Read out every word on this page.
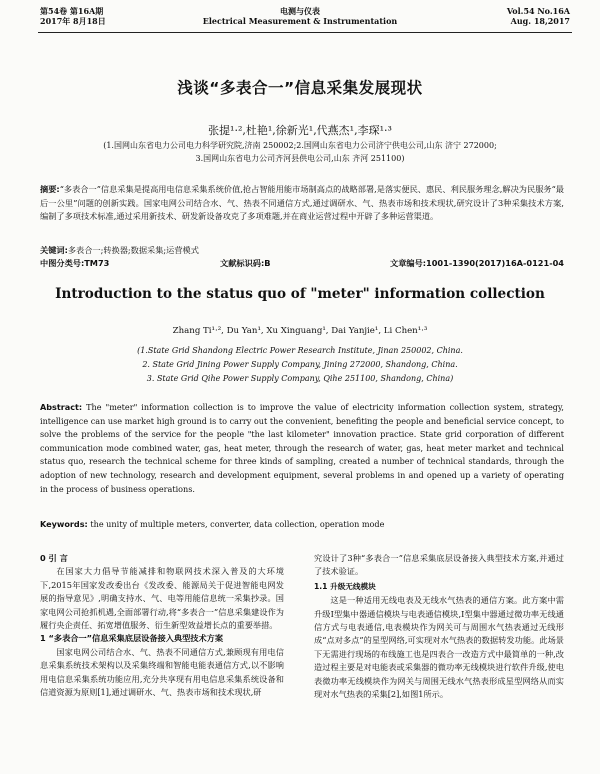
第54卷 第16A期
2017年 8月18日
电测与仪表
Electrical Measurement & Instrumentation
Vol.54 No.16A
Aug. 18,2017
浅谈“多表合一”信息采集发展现状
张提¹·²,杜艳¹,徐新光¹,代燕杰¹,李琛¹·³
(1.国网山东省电力公司电力科学研究院,济南 250002;2.国网山东省电力公司济宁供电公司,山东 济宁 272000;
3.国网山东省电力公司齐河县供电公司,山东 齐河 251100)
摘要:“多表合一”信息采集是提高用电信息采集系统价值,抢占智能用能市场制高点的战略部署,是落实便民、惠民、利民服务理念,解决为民服务“最后一公里”问题的创新实践。国家电网公司结合水、气、热表不同通信方式,通过调研水、气、热表市场和技术现状,研究设计了3种采集技术方案,编制了多项技术标准,通过采用新技术、研发新设备攻克了多项难题,并在商业运营过程中开辟了多种运营渠道。
关键词:多表合一;转换器;数据采集;运营模式
中图分类号:TM73	文献标识码:B	文章编号:1001-1390(2017)16A-0121-04
Introduction to the status quo of "meter" information collection
Zhang Ti¹·², Du Yan¹, Xu Xinguang¹, Dai Yanjie¹, Li Chen¹·³
(1.State Grid Shandong Electric Power Research Institute, Jinan 250002, China.
2. State Grid Jining Power Supply Company, Jining 272000, Shandong, China.
3. State Grid Qihe Power Supply Company, Qihe 251100, Shandong, China)
Abstract: The "meter" information collection is to improve the value of electricity information collection system, strategy, intelligence can use market high ground is to carry out the convenient, benefiting the people and beneficial service concept, to solve the problems of the service for the people "the last kilometer" innovation practice. State grid corporation of different communication mode combined water, gas, heat meter, through the research of water, gas, heat meter market and technical status quo, research the technical scheme for three kinds of sampling, created a number of technical standards, through the adoption of new technology, research and development equipment, several problems in and opened up a variety of operating in the process of business operations.
Keywords: the unity of multiple meters, converter, data collection, operation mode

0 引 言

在国家大力倡导节能减排和物联网技术深入普及的大环境下,2015年国家发改委出台《发改委、能源局关于促进智能电网发展的指导意见》,明确支持水、气、电等用能信息统一采集抄录。国家电网公司抢抓机遇,全面部署行动,将“多表合一”信息采集建设作为履行央企责任、拓宽增值服务、衍生新型效益增长点的重要举措。

1 “多表合一”信息采集底层设备接入典型技术方案

国家电网公司结合水、气、热表不同通信方式,兼顾现有用电信息采集系统技术架构以及采集终端和智能电能表通信方式,以不影响用电信息采集系统功能应用,充分共享现有用电信息采集系统设备和信道资源为原则[1],通过调研水、气、热表市场和技术现状,研

究设计了3种“多表合一”信息采集底层设备接入典型技术方案,并通过了技术验证。

1.1 升级无线模块

这是一种适用无线电表及无线水气热表的通信方案。此方案中需升级Ⅰ型集中器通信模块与电表通信模块,Ⅰ型集中器通过微功率无线通信方式与电表通信,电表模块作为网关可与周围水气热表通过无线形成“点对多点”的星型网络,可实现对水气热表的数据转发功能。此场景下无需进行现场的布线施工也是四表合一改造方式中最简单的一种,改造过程主要是对电能表或采集器的微功率无线模块进行软件升级,使电表微功率无线模块作为网关与周围无线水气热表形成星型网络从而实现对水气热表的采集[2],如图1所示。
